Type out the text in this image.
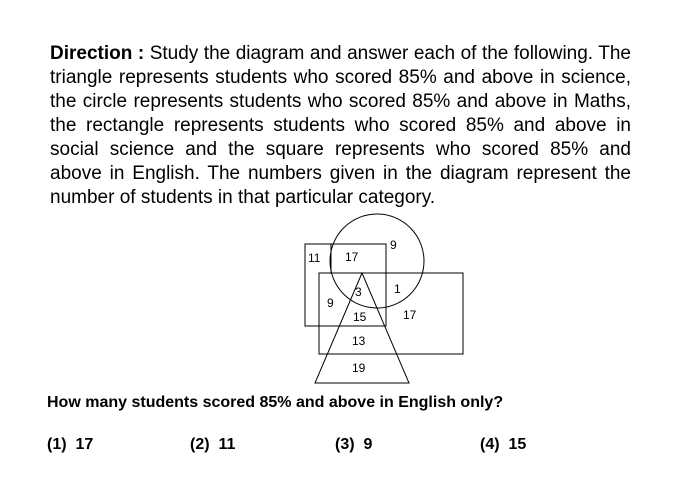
Direction : Study the diagram and answer each of the following. The triangle represents students who scored 85% and above in science, the circle represents students who scored 85% and above in Maths, the rectangle represents students who scored 85% and above in social science and the square represents who scored 85% and above in English. The numbers given in the diagram represent the number of students in that particular category.
11 17
9
3	1
9
15	17
13
19
How many students scored 85% and above in English only?
(1) 17	(2) 11	(3) 9	(4) 15
